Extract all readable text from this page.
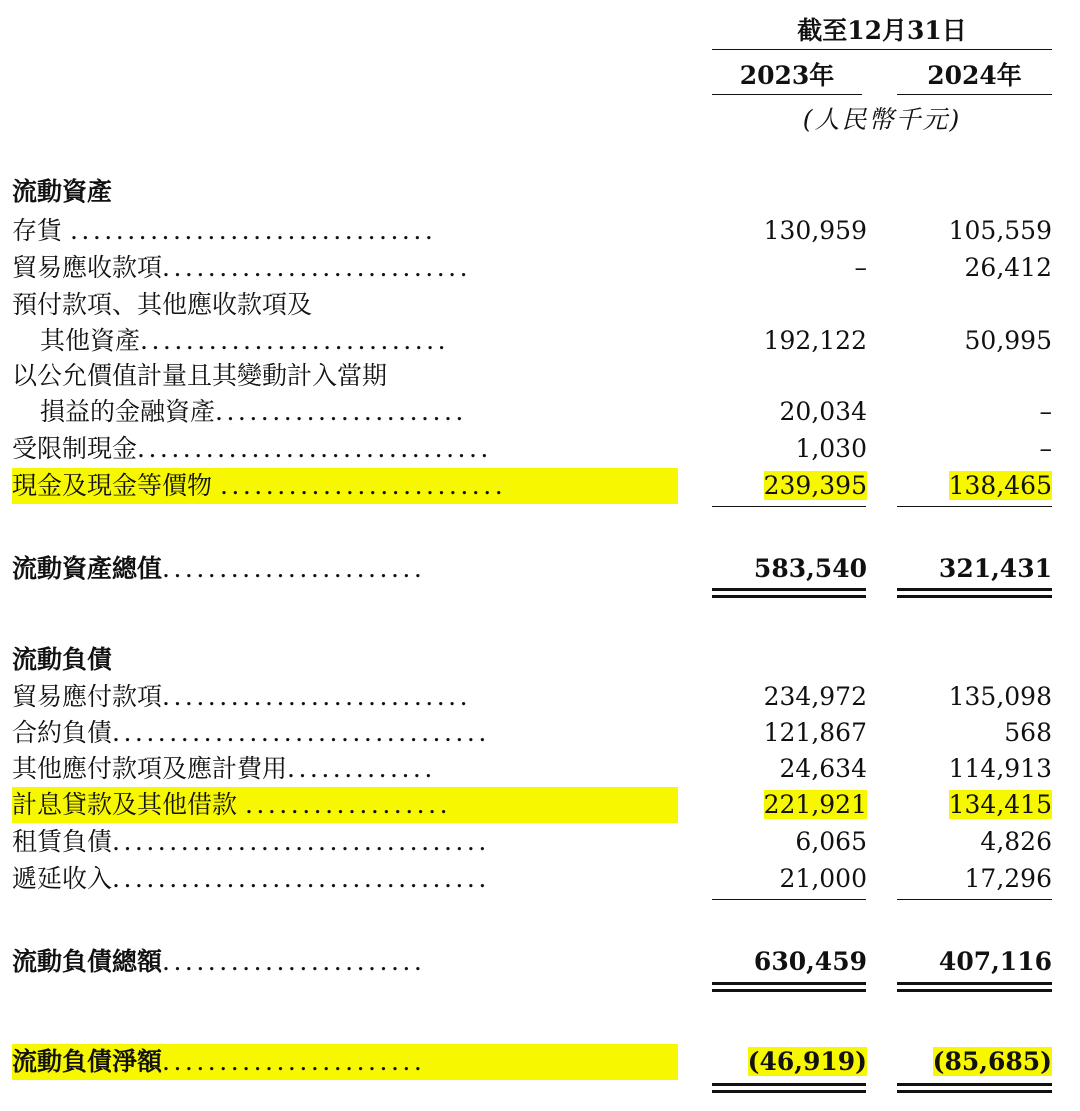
截至12月31日
2023年	2024年
(人民幣千元)
流動資產
存貨 ................................	130,959	105,559
貿易應收款項...........................	–	26,412
預付款項、其他應收款項及
其他資產...........................	192,122	50,995
以公允價值計量且其變動計入當期
損益的金融資產......................	20,034	–
受限制現金...............................	1,030	–
現金及現金等價物 .........................	239,395	138,465
流動資產總值.......................	583,540	321,431
流動負債
貿易應付款項...........................	234,972	135,098
合約負債.................................	121,867	568
其他應付款項及應計費用.............	24,634	114,913
計息貸款及其他借款 ..................	221,921	134,415
租賃負債.................................	6,065	4,826
遞延收入.................................	21,000	17,296
流動負債總額.......................	630,459	407,116
流動負債淨額.......................	(46,919)	(85,685)
